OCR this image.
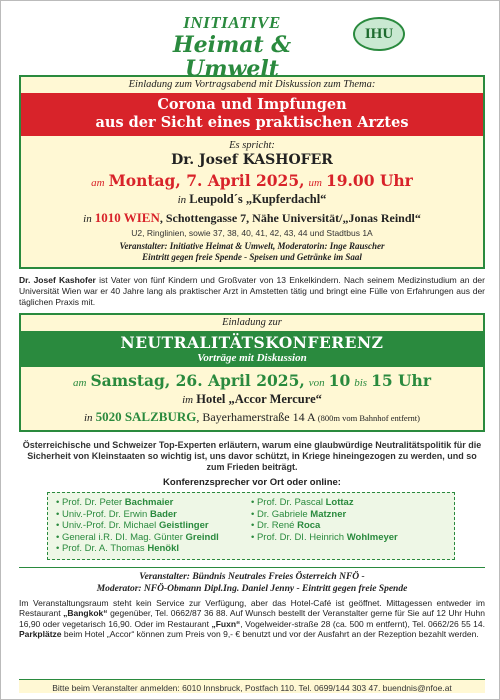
INITIATIVE
Heimat & Umwelt
IHU
Einladung zum Vortragsabend mit Diskussion zum Thema:
Corona und Impfungen
aus der Sicht eines praktischen Arztes
Es spricht:
Dr. Josef KASHOFER
am Montag, 7. April 2025, um 19.00 Uhr
in Leupold´s „Kupferdachl“
in 1010 WIEN, Schottengasse 7, Nähe Universität/„Jonas Reindl“
U2, Ringlinien, sowie 37, 38, 40, 41, 42, 43, 44 und Stadtbus 1A
Veranstalter: Initiative Heimat & Umwelt, Moderatorin: Inge Rauscher
Eintritt gegen freie Spende - Speisen und Getränke im Saal
Dr. Josef Kashofer ist Vater von fünf Kindern und Großvater von 13 Enkelkindern. Nach seinem Medizinstudium an der Universität Wien war er 40 Jahre lang als praktischer Arzt in Amstetten tätig und bringt eine Fülle von Erfahrungen aus der täglichen Praxis mit.
Einladung zur
NEUTRALITÄTSKONFERENZ
Vorträge mit Diskussion
am Samstag, 26. April 2025, von 10 bis 15 Uhr
im Hotel „Accor Mercure“
in 5020 SALZBURG, Bayerhamerstraße 14 A (800m vom Bahnhof entfernt)
Österreichische und Schweizer Top-Experten erläutern, warum eine glaubwürdige Neutralitätspolitik für die Sicherheit von Kleinstaaten so wichtig ist, uns davor schützt, in Kriege hineingezogen zu werden, und so zum Frieden beiträgt.
Konferenzsprecher vor Ort oder online:
• Prof. Dr. Peter Bachmaier
• Univ.-Prof. Dr. Erwin Bader
• Univ.-Prof. Dr. Michael Geistlinger
• General i.R. DI. Mag. Günter Greindl
• Prof. Dr. A. Thomas Henökl
• Prof. Dr. Pascal Lottaz
• Dr. Gabriele Matzner
• Dr. René Roca
• Prof. Dr. DI. Heinrich Wohlmeyer
Veranstalter: Bündnis Neutrales Freies Österreich NFÖ -
Moderator: NFÖ-Obmann Dipl.Ing. Daniel Jenny - Eintritt gegen freie Spende
Im Veranstaltungsraum steht kein Service zur Verfügung, aber das Hotel-Café ist geöffnet. Mittagessen entweder im Restaurant „Bangkok“ gegenüber, Tel. 0662/87 36 88. Auf Wunsch bestellt der Veranstalter gerne für Sie auf 12 Uhr Huhn 16,90 oder vegetarisch 16,90. Oder im Restaurant „Fuxn“, Vogelweider-straße 28 (ca. 500 m entfernt), Tel. 0662/26 55 14. Parkplätze beim Hotel „Accor“ können zum Preis von 9,- € benutzt und vor der Ausfahrt an der Rezeption bezahlt werden.
Bitte beim Veranstalter anmelden: 6010 Innsbruck, Postfach 110. Tel. 0699/144 303 47. buendnis@nfoe.at
